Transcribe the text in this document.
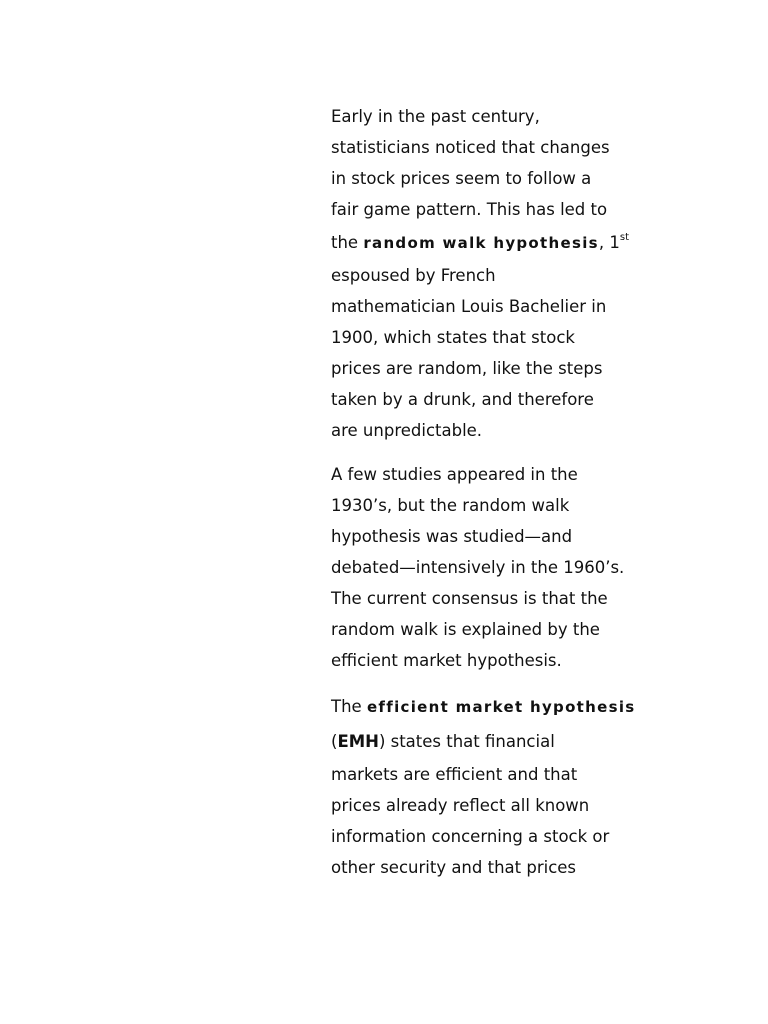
Early in the past century,
statisticians noticed that changes
in stock prices seem to follow a
fair game pattern. This has led to
the random walk hypothesis, 1st
espoused by French
mathematician Louis Bachelier in
1900, which states that stock
prices are random, like the steps
taken by a drunk, and therefore
are unpredictable.
A few studies appeared in the
1930’s, but the random walk
hypothesis was studied—and
debated—intensively in the 1960’s.
The current consensus is that the
random walk is explained by the
efficient market hypothesis.
The efficient market hypothesis
(EMH) states that financial
markets are efficient and that
prices already reflect all known
information concerning a stock or
other security and that prices
